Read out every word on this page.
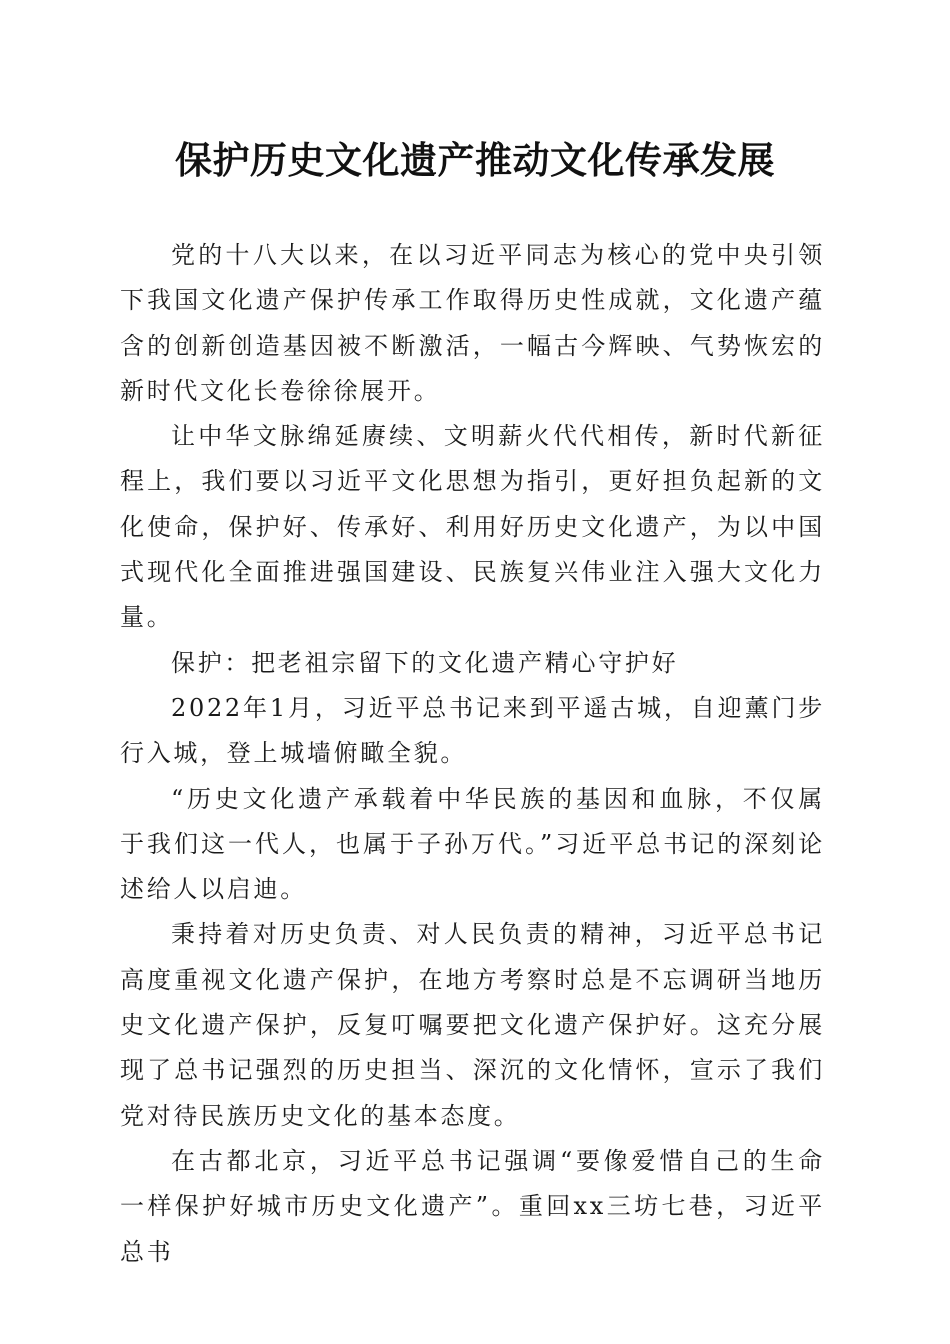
保护历史文化遗产推动文化传承发展

党的十八大以来，在以习近平同志为核心的党中央引领下我国文化遗产保护传承工作取得历史性成就，文化遗产蕴含的创新创造基因被不断激活，一幅古今辉映、气势恢宏的新时代文化长卷徐徐展开。

让中华文脉绵延赓续、文明薪火代代相传，新时代新征程上，我们要以习近平文化思想为指引，更好担负起新的文化使命，保护好、传承好、利用好历史文化遗产，为以中国式现代化全面推进强国建设、民族复兴伟业注入强大文化力量。

保护：把老祖宗留下的文化遗产精心守护好

2022年1月，习近平总书记来到平遥古城，自迎薰门步行入城，登上城墙俯瞰全貌。

“历史文化遗产承载着中华民族的基因和血脉，不仅属于我们这一代人，也属于子孙万代。”习近平总书记的深刻论述给人以启迪。

秉持着对历史负责、对人民负责的精神，习近平总书记高度重视文化遗产保护，在地方考察时总是不忘调研当地历史文化遗产保护，反复叮嘱要把文化遗产保护好。这充分展现了总书记强烈的历史担当、深沉的文化情怀，宣示了我们党对待民族历史文化的基本态度。

在古都北京，习近平总书记强调“要像爱惜自己的生命一样保护好城市历史文化遗产”。重回xx三坊七巷，习近平总书
